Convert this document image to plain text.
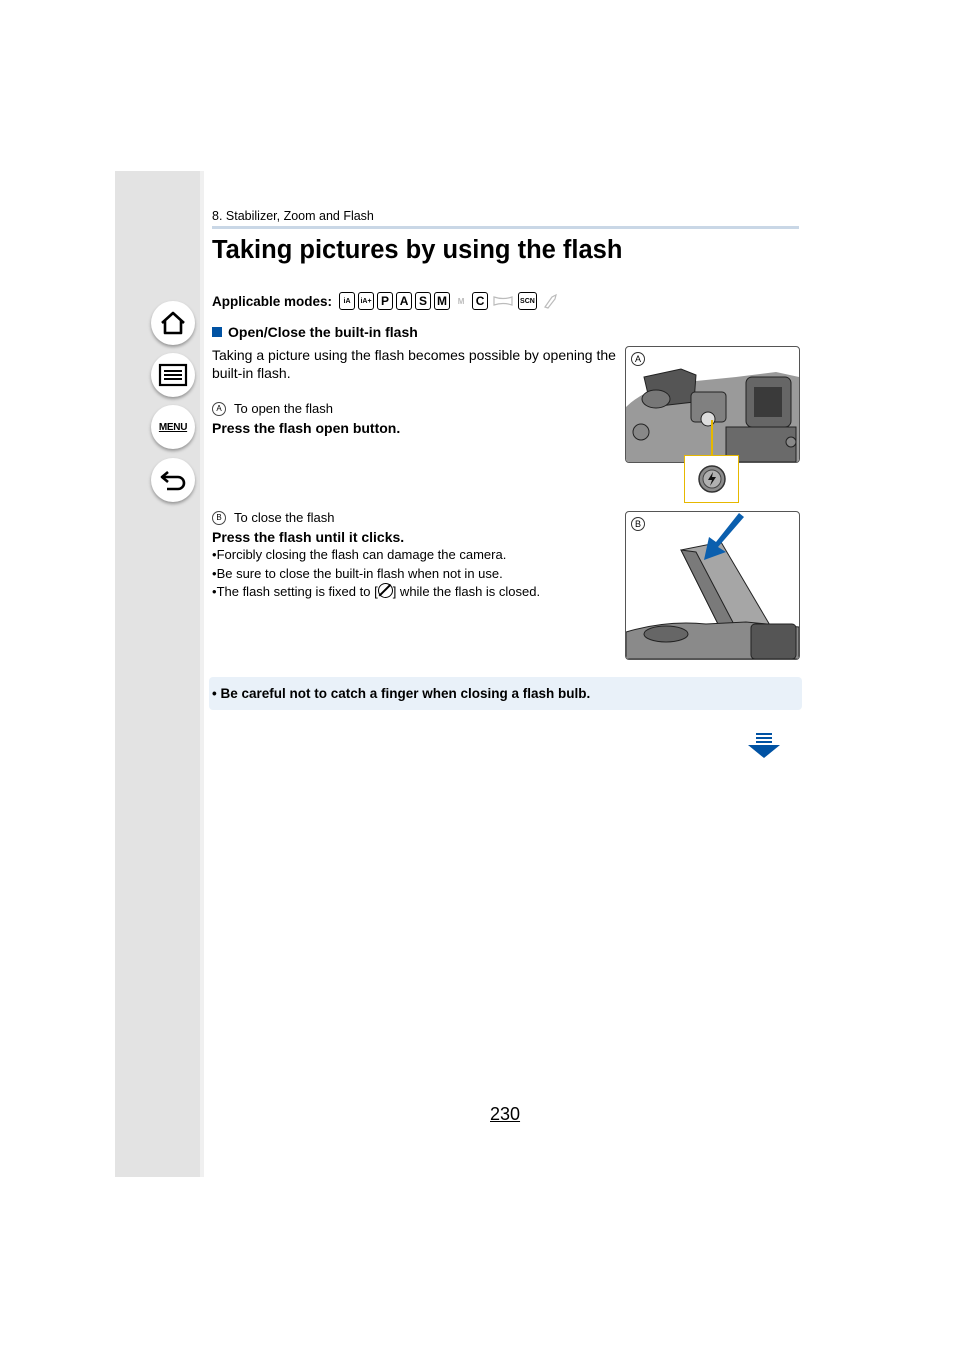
MENU
8. Stabilizer, Zoom and Flash
Taking pictures by using the flash
Applicable modes:	iA	iA+ P A S M	M C	SCN
Open/Close the built-in flash

Taking a picture using the flash becomes possible by opening the built-in flash.

A To open the flash
Press the flash open button.
B To close the flash
Press the flash until it clicks.
• Forcibly closing the flash can damage the camera.
• Be sure to close the built-in flash when not in use.
• The flash setting is fixed to [ ] while the flash is closed.
A
B
• Be careful not to catch a finger when closing a flash bulb.
230
